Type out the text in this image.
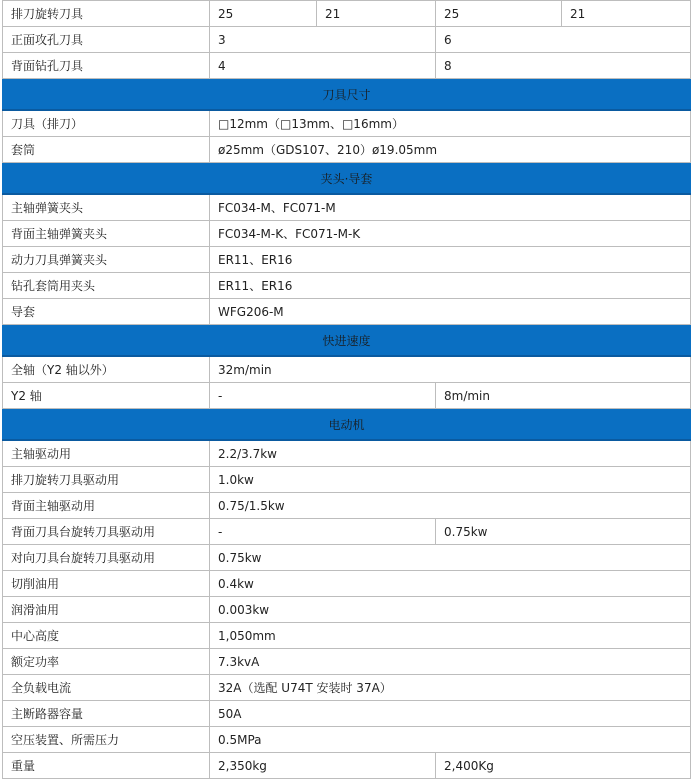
排刀旋转刀具	25	21	25	21
正面攻孔刀具	3		6	
背面钻孔刀具	4		8	
刀具尺寸				
刀具（排刀）	□12mm（□13mm、□16mm）			
套筒	ø25mm（GDS107、210）ø19.05mm			
夹头·导套				
主轴弹簧夹头	FC034-M、FC071-M			
背面主轴弹簧夹头	FC034-M-K、FC071-M-K			
动力刀具弹簧夹头	ER11、ER16			
钻孔套筒用夹头	ER11、ER16			
导套	WFG206-M			
快进速度				
全轴（Y2 轴以外）	32m/min			
Y2 轴	-		8m/min	
电动机				
主轴驱动用	2.2/3.7kw			
排刀旋转刀具驱动用	1.0kw			
背面主轴驱动用	0.75/1.5kw			
背面刀具台旋转刀具驱动用	-		0.75kw	
对向刀具台旋转刀具驱动用	0.75kw			
切削油用	0.4kw			
润滑油用	0.003kw			
中心高度	1,050mm			
额定功率	7.3kvA			
全负载电流	32A（选配 U74T 安装时 37A）			
主断路器容量	50A			
空压装置、所需压力	0.5MPa			
重量	2,350kg		2,400Kg	
